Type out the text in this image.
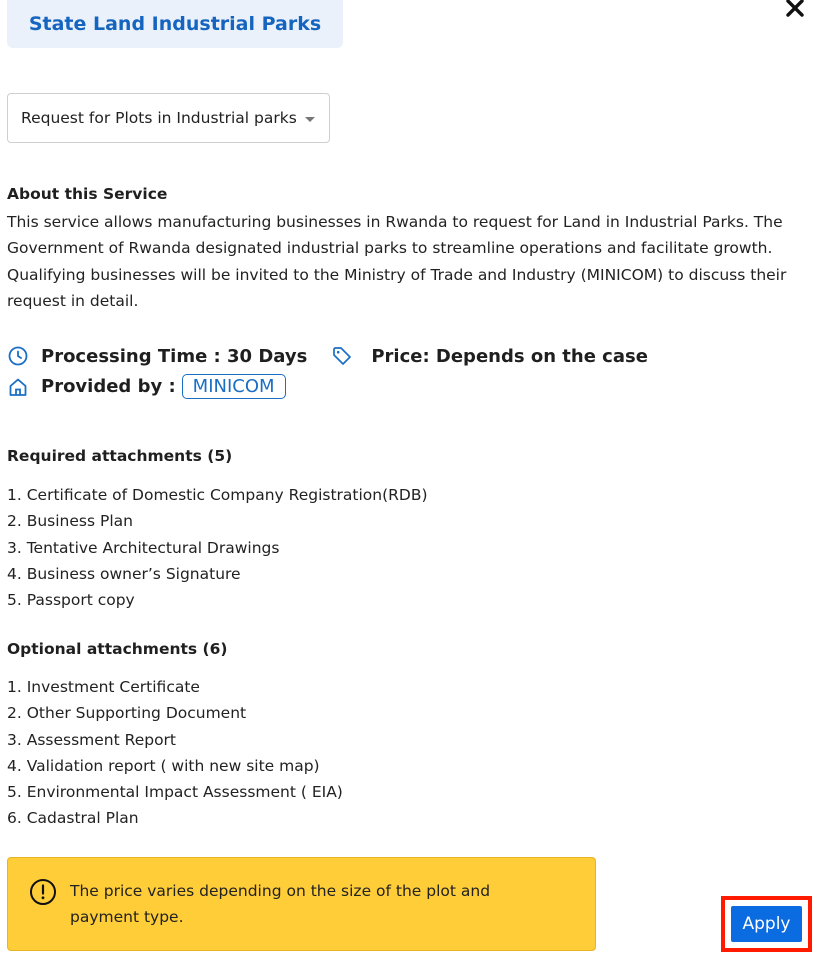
State Land Industrial Parks
Request for Plots in Industrial parks
About this Service
This service allows manufacturing businesses in Rwanda to request for Land in Industrial Parks. The Government of Rwanda designated industrial parks to streamline operations and facilitate growth. Qualifying businesses will be invited to the Ministry of Trade and Industry (MINICOM) to discuss their request in detail.
Processing Time : 30 Days	Price: Depends on the case
Provided by : MINICOM
Required attachments (5)
1. Certificate of Domestic Company Registration(RDB)
2. Business Plan
3. Tentative Architectural Drawings
4. Business owner’s Signature
5. Passport copy
Optional attachments (6)
1. Investment Certificate
2. Other Supporting Document
3. Assessment Report
4. Validation report ( with new site map)
5. Environmental Impact Assessment ( EIA)
6. Cadastral Plan
The price varies depending on the size of the plot and payment type.	Apply
